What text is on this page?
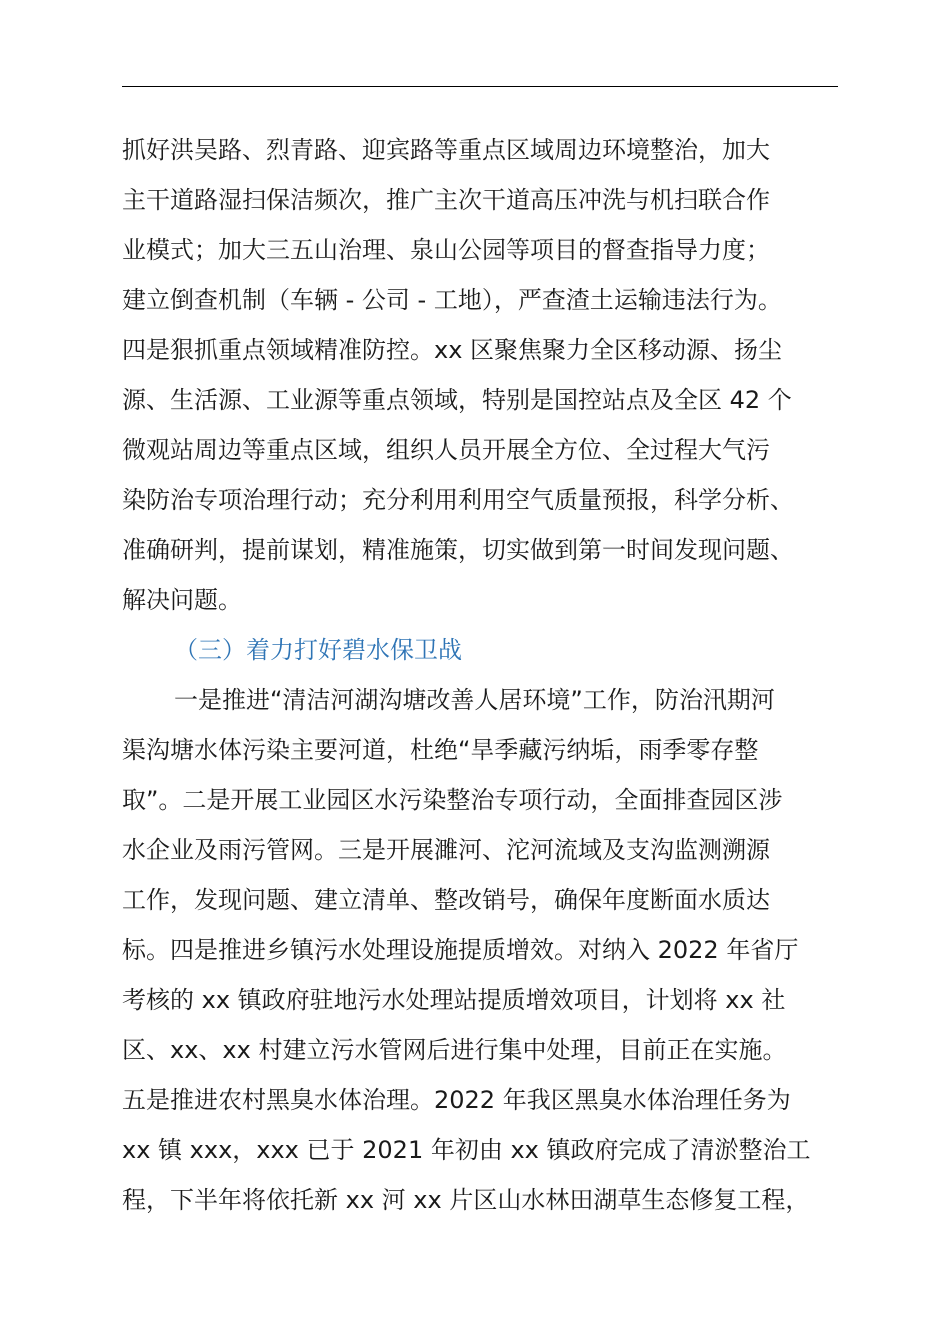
抓好洪吴路、烈青路、迎宾路等重点区域周边环境整治，加大
主干道路湿扫保洁频次，推广主次干道高压冲洗与机扫联合作
业模式；加大三五山治理、泉山公园等项目的督查指导力度；
建立倒查机制（车辆 - 公司 - 工地），严查渣土运输违法行为。
四是狠抓重点领域精准防控。xx 区聚焦聚力全区移动源、扬尘
源、生活源、工业源等重点领域，特别是国控站点及全区 42 个
微观站周边等重点区域，组织人员开展全方位、全过程大气污
染防治专项治理行动；充分利用利用空气质量预报，科学分析、
准确研判，提前谋划，精准施策，切实做到第一时间发现问题、
解决问题。
（三）着力打好碧水保卫战
一是推进“清洁河湖沟塘改善人居环境”工作，防治汛期河
渠沟塘水体污染主要河道，杜绝“旱季藏污纳垢，雨季零存整
取”。二是开展工业园区水污染整治专项行动，全面排查园区涉
水企业及雨污管网。三是开展濉河、沱河流域及支沟监测溯源
工作，发现问题、建立清单、整改销号，确保年度断面水质达
标。四是推进乡镇污水处理设施提质增效。对纳入 2022 年省厅
考核的 xx 镇政府驻地污水处理站提质增效项目，计划将 xx 社
区、xx、xx 村建立污水管网后进行集中处理，目前正在实施。
五是推进农村黑臭水体治理。2022 年我区黑臭水体治理任务为
xx 镇 xxx，xxx 已于 2021 年初由 xx 镇政府完成了清淤整治工
程，下半年将依托新 xx 河 xx 片区山水林田湖草生态修复工程，
